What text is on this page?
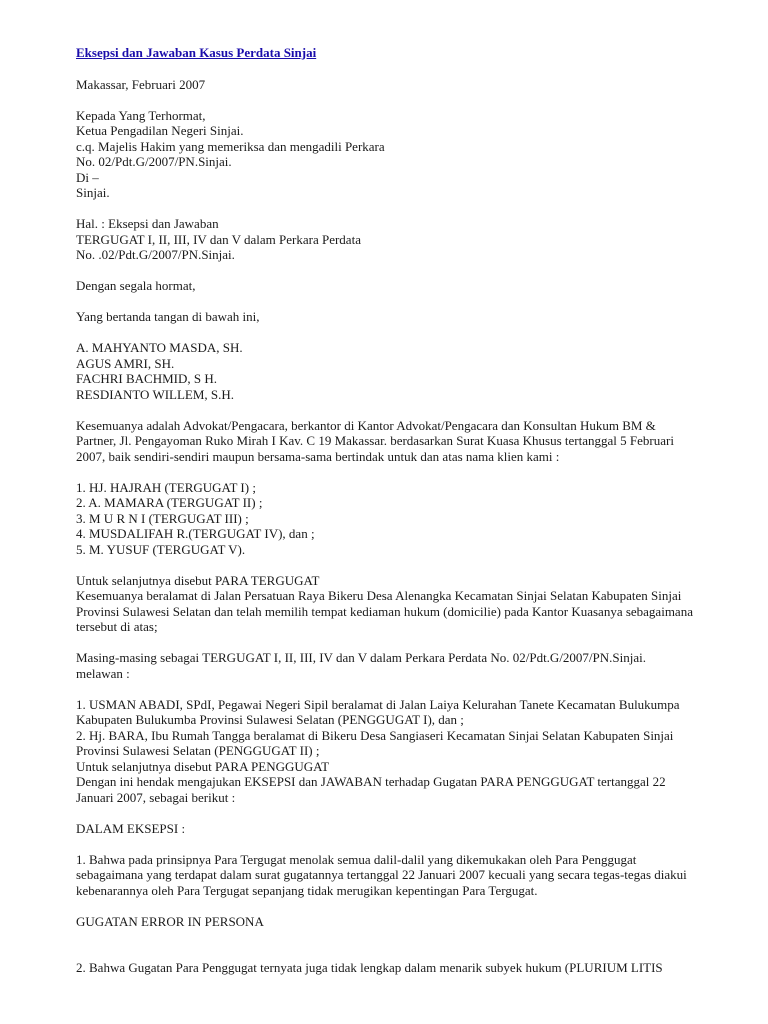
Eksepsi dan Jawaban Kasus Perdata Sinjai
Makassar, Februari 2007
Kepada Yang Terhormat,
Ketua Pengadilan Negeri Sinjai.
c.q. Majelis Hakim yang memeriksa dan mengadili Perkara
No. 02/Pdt.G/2007/PN.Sinjai.
Di –
Sinjai.
Hal. : Eksepsi dan Jawaban
TERGUGAT I, II, III, IV dan V dalam Perkara Perdata
No. .02/Pdt.G/2007/PN.Sinjai.
Dengan segala hormat,
Yang bertanda tangan di bawah ini,
A. MAHYANTO MASDA, SH.
AGUS AMRI, SH.
FACHRI BACHMID, S H.
RESDIANTO WILLEM, S.H.
Kesemuanya adalah Advokat/Pengacara, berkantor di Kantor Advokat/Pengacara dan Konsultan Hukum BM &
Partner, Jl. Pengayoman Ruko Mirah I Kav. C 19 Makassar. berdasarkan Surat Kuasa Khusus tertanggal 5 Februari
2007, baik sendiri-sendiri maupun bersama-sama bertindak untuk dan atas nama klien kami :
1. HJ. HAJRAH (TERGUGAT I) ;
2. A. MAMARA (TERGUGAT II) ;
3. M U R N I (TERGUGAT III) ;
4. MUSDALIFAH R.(TERGUGAT IV), dan ;
5. M. YUSUF (TERGUGAT V).
Untuk selanjutnya disebut PARA TERGUGAT
Kesemuanya beralamat di Jalan Persatuan Raya Bikeru Desa Alenangka Kecamatan Sinjai Selatan Kabupaten Sinjai
Provinsi Sulawesi Selatan dan telah memilih tempat kediaman hukum (domicilie) pada Kantor Kuasanya sebagaimana
tersebut di atas;
Masing-masing sebagai TERGUGAT I, II, III, IV dan V dalam Perkara Perdata No. 02/Pdt.G/2007/PN.Sinjai.
melawan :
1. USMAN ABADI, SPdI, Pegawai Negeri Sipil beralamat di Jalan Laiya Kelurahan Tanete Kecamatan Bulukumpa
Kabupaten Bulukumba Provinsi Sulawesi Selatan (PENGGUGAT I), dan ;
2. Hj. BARA, Ibu Rumah Tangga beralamat di Bikeru Desa Sangiaseri Kecamatan Sinjai Selatan Kabupaten Sinjai
Provinsi Sulawesi Selatan (PENGGUGAT II) ;
Untuk selanjutnya disebut PARA PENGGUGAT
Dengan ini hendak mengajukan EKSEPSI dan JAWABAN terhadap Gugatan PARA PENGGUGAT tertanggal 22
Januari 2007, sebagai berikut :
DALAM EKSEPSI :
1. Bahwa pada prinsipnya Para Tergugat menolak semua dalil-dalil yang dikemukakan oleh Para Penggugat
sebagaimana yang terdapat dalam surat gugatannya tertanggal 22 Januari 2007 kecuali yang secara tegas-tegas diakui
kebenarannya oleh Para Tergugat sepanjang tidak merugikan kepentingan Para Tergugat.
GUGATAN ERROR IN PERSONA
2. Bahwa Gugatan Para Penggugat ternyata juga tidak lengkap dalam menarik subyek hukum (PLURIUM LITIS
